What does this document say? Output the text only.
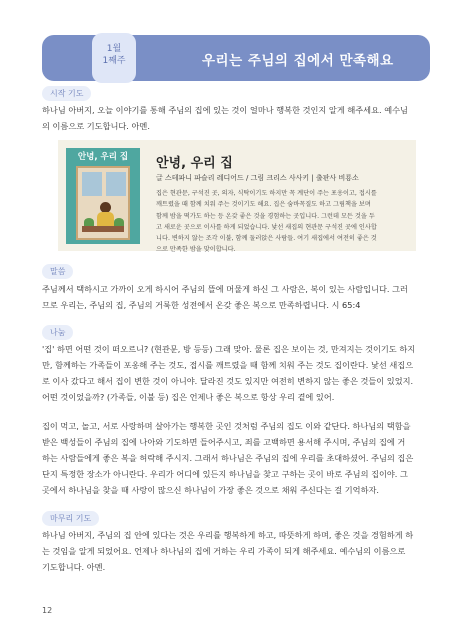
1월
1째주	우리는 주님의 집에서 만족해요
시작 기도
하나님 아버지, 오늘 이야기를 통해 주님의 집에 있는 것이 얼마나 행복한 것인지 알게 해주세요. 예수님
의 이름으로 기도합니다. 아멘.
안녕, 우리 집	안녕, 우리 집
글 스테파니 파슬리 레디어드 / 그림 크리스 사사키 | 출판사 비룡소
집은 현관문, 구석진 곳, 의자, 식탁이기도 하지만 꼭 계단이 주는 포옹이고, 접시를
깨트렸을 때 함께 치워 주는 것이기도 해요. 집은 숨바꼭질도 하고 그림책을 보며
함께 밤을 떡가도 하는 등 온갖 좋은 것을 경험하는 곳입니다. 그런데 모든 것을 두
고 새로운 곳으로 이사를 하게 되었습니다. 낯선 새집의 현관문 구석진 곳에 인사합
니다. 변하지 않는 조각 이불, 함께 둘러앉은 사람들. 여기 새집에서 여전히 좋은 것
으로 만족한 밤을 맞이합니다.
말씀
주님께서 택하시고 가까이 오게 하시어 주님의 뜰에 머물게 하신 그 사람은, 복이 있는 사람입니다. 그러
므로 우리는, 주님의 집, 주님의 거룩한 성전에서 온갖 좋은 복으로 만족하렵니다. 시 65:4
나눔
'집' 하면 어떤 것이 떠오르니? (현관문, 방 등등) 그래 맞아. 물론 집은 보이는 것, 만져지는 것이기도 하지
만, 함께하는 가족들이 포옹해 주는 것도, 접시를 깨트렸을 때 함께 치워 주는 것도 집이란다. 낯선 새집으
로 이사 갔다고 해서 집이 변한 것이 아니야. 달라진 것도 있지만 여전히 변하지 않는 좋은 것들이 있었지.
어떤 것이었을까? (가족들, 이불 등) 집은 언제나 좋은 복으로 항상 우리 곁에 있어.
집이 먹고, 놀고, 서로 사랑하며 살아가는 행복한 곳인 것처럼 주님의 집도 이와 같단다. 하나님의 택함을
받은 백성들이 주님의 집에 나아와 기도하면 들어주시고, 죄를 고백하면 용서해 주시며, 주님의 집에 거
하는 사람들에게 좋은 복을 허락해 주시지. 그래서 하나님은 주님의 집에 우리를 초대하셨어. 주님의 집은
단지 특정한 장소가 아니란다. 우리가 어디에 있든지 하나님을 찾고 구하는 곳이 바로 주님의 집이야. 그
곳에서 하나님을 찾을 때 사랑이 많으신 하나님이 가장 좋은 것으로 채워 주신다는 걸 기억하자.
마무리 기도
하나님 아버지, 주님의 집 안에 있다는 것은 우리를 행복하게 하고, 따뜻하게 하며, 좋은 것을 경험하게 하
는 것임을 알게 되었어요. 언제나 하나님의 집에 거하는 우리 가족이 되게 해주세요. 예수님의 이름으로
기도합니다. 아멘.
12
